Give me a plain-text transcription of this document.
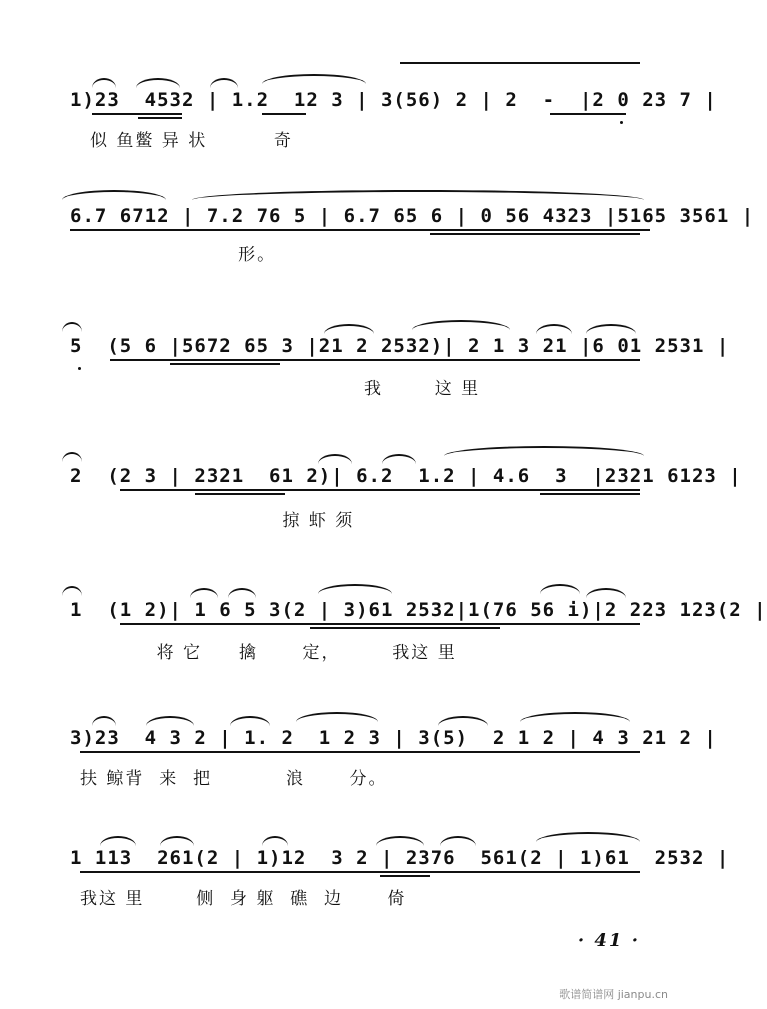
1)23  4532 | 1.2  12 3 | 3(56) 2 | 2  -  |2 0 23 7 |
似 鱼鳖 异 状         奇
6.7 6712 | 7.2 76 5 | 6.7 65 6 | 0 56 4323 |5165 3561 |
形。
5  (5 6 |5672 65 3 |21 2 2532)| 2 1 3 21 |6 01 2531 |
我       这 里
2  (2 3 | 2321  61 2)| 6.2  1.2 | 4.6  3  |2321 6123 |
掠 虾 须
1  (1 2)| 1 6 5 3(2 | 3)61 2532|1(76 56 i)|2 223 123(2 |
将 它     擒      定，       我这 里
3)23  4 3 2 | 1. 2  1 2 3 | 3(5)  2 1 2 | 4 3 21 2 |
扶 鲸背  来  把          浪      分。
1 113  261(2 | 1)12  3 2 | 2376  561(2 | 1)61  2532 |
我这 里       侧  身 躯  礁  边      倚
· 41 ·
歌谱简谱网 jianpu.cn
